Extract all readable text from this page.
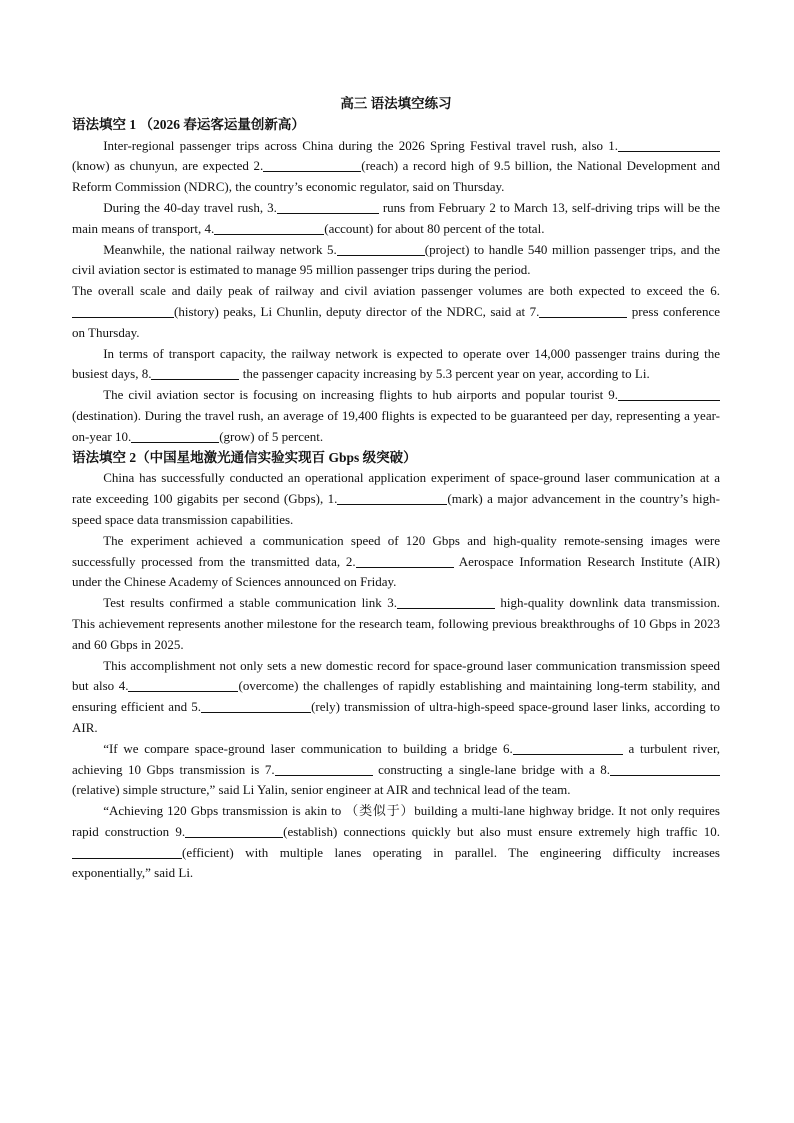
高三 语法填空练习

语法填空 1 （2026 春运客运量创新高）

Inter-regional passenger trips across China during the 2026 Spring Festival travel rush, also 1.(know) as chunyun, are expected 2.	(reach) a record high of 9.5 billion, the National Development and Reform Commission (NDRC), the country’s economic regulator, said on Thursday.

During the 40-day travel rush, 3.	runs from February 2 to March 13, self-driving trips will be the main means of transport, 4.	(account) for about 80 percent of the total.

Meanwhile, the national railway network 5.	(project) to handle 540 million passenger trips, and the civil aviation sector is estimated to manage 95 million passenger trips during the period.

The overall scale and daily peak of railway and civil aviation passenger volumes are both expected to exceed the 6.(history) peaks, Li Chunlin, deputy director of the NDRC, said at 7.	press conference on Thursday.

In terms of transport capacity, the railway network is expected to operate over 14,000 passenger trains during the busiest days, 8.	the passenger capacity increasing by 5.3 percent year on year, according to Li.

The civil aviation sector is focusing on increasing flights to hub airports and popular tourist 9.(destination). During the travel rush, an average of 19,400 flights is expected to be guaranteed per day, representing a year-on-year 10.	(grow) of 5 percent.

语法填空 2（中国星地激光通信实验实现百 Gbps 级突破）

China has successfully conducted an operational application experiment of space-ground laser communication at a rate exceeding 100 gigabits per second (Gbps), 1.	(mark) a major advancement in the country’s high-speed space data transmission capabilities.

The experiment achieved a communication speed of 120 Gbps and high-quality remote-sensing images were successfully processed from the transmitted data, 2.	Aerospace Information Research Institute (AIR) under the Chinese Academy of Sciences announced on Friday.

Test results confirmed a stable communication link 3.	high-quality downlink data transmission. This achievement represents another milestone for the research team, following previous breakthroughs of 10 Gbps in 2023 and 60 Gbps in 2025.

This accomplishment not only sets a new domestic record for space-ground laser communication transmission speed but also 4.	(overcome) the challenges of rapidly establishing and maintaining long-term stability, and ensuring efficient and 5.	(rely) transmission of ultra-high-speed space-ground laser links, according to AIR.

“If we compare space-ground laser communication to building a bridge 6.	a turbulent river, achieving 10 Gbps transmission is 7.	constructing a single-lane bridge with a 8.(relative) simple structure,” said Li Yalin, senior engineer at AIR and technical lead of the team.

“Achieving 120 Gbps transmission is akin to （类似于）building a multi-lane highway bridge. It not only requires rapid construction 9.	(establish) connections quickly but also must ensure extremely high traffic 10.(efficient) with multiple lanes operating in parallel. The engineering difficulty increases exponentially,” said Li.
